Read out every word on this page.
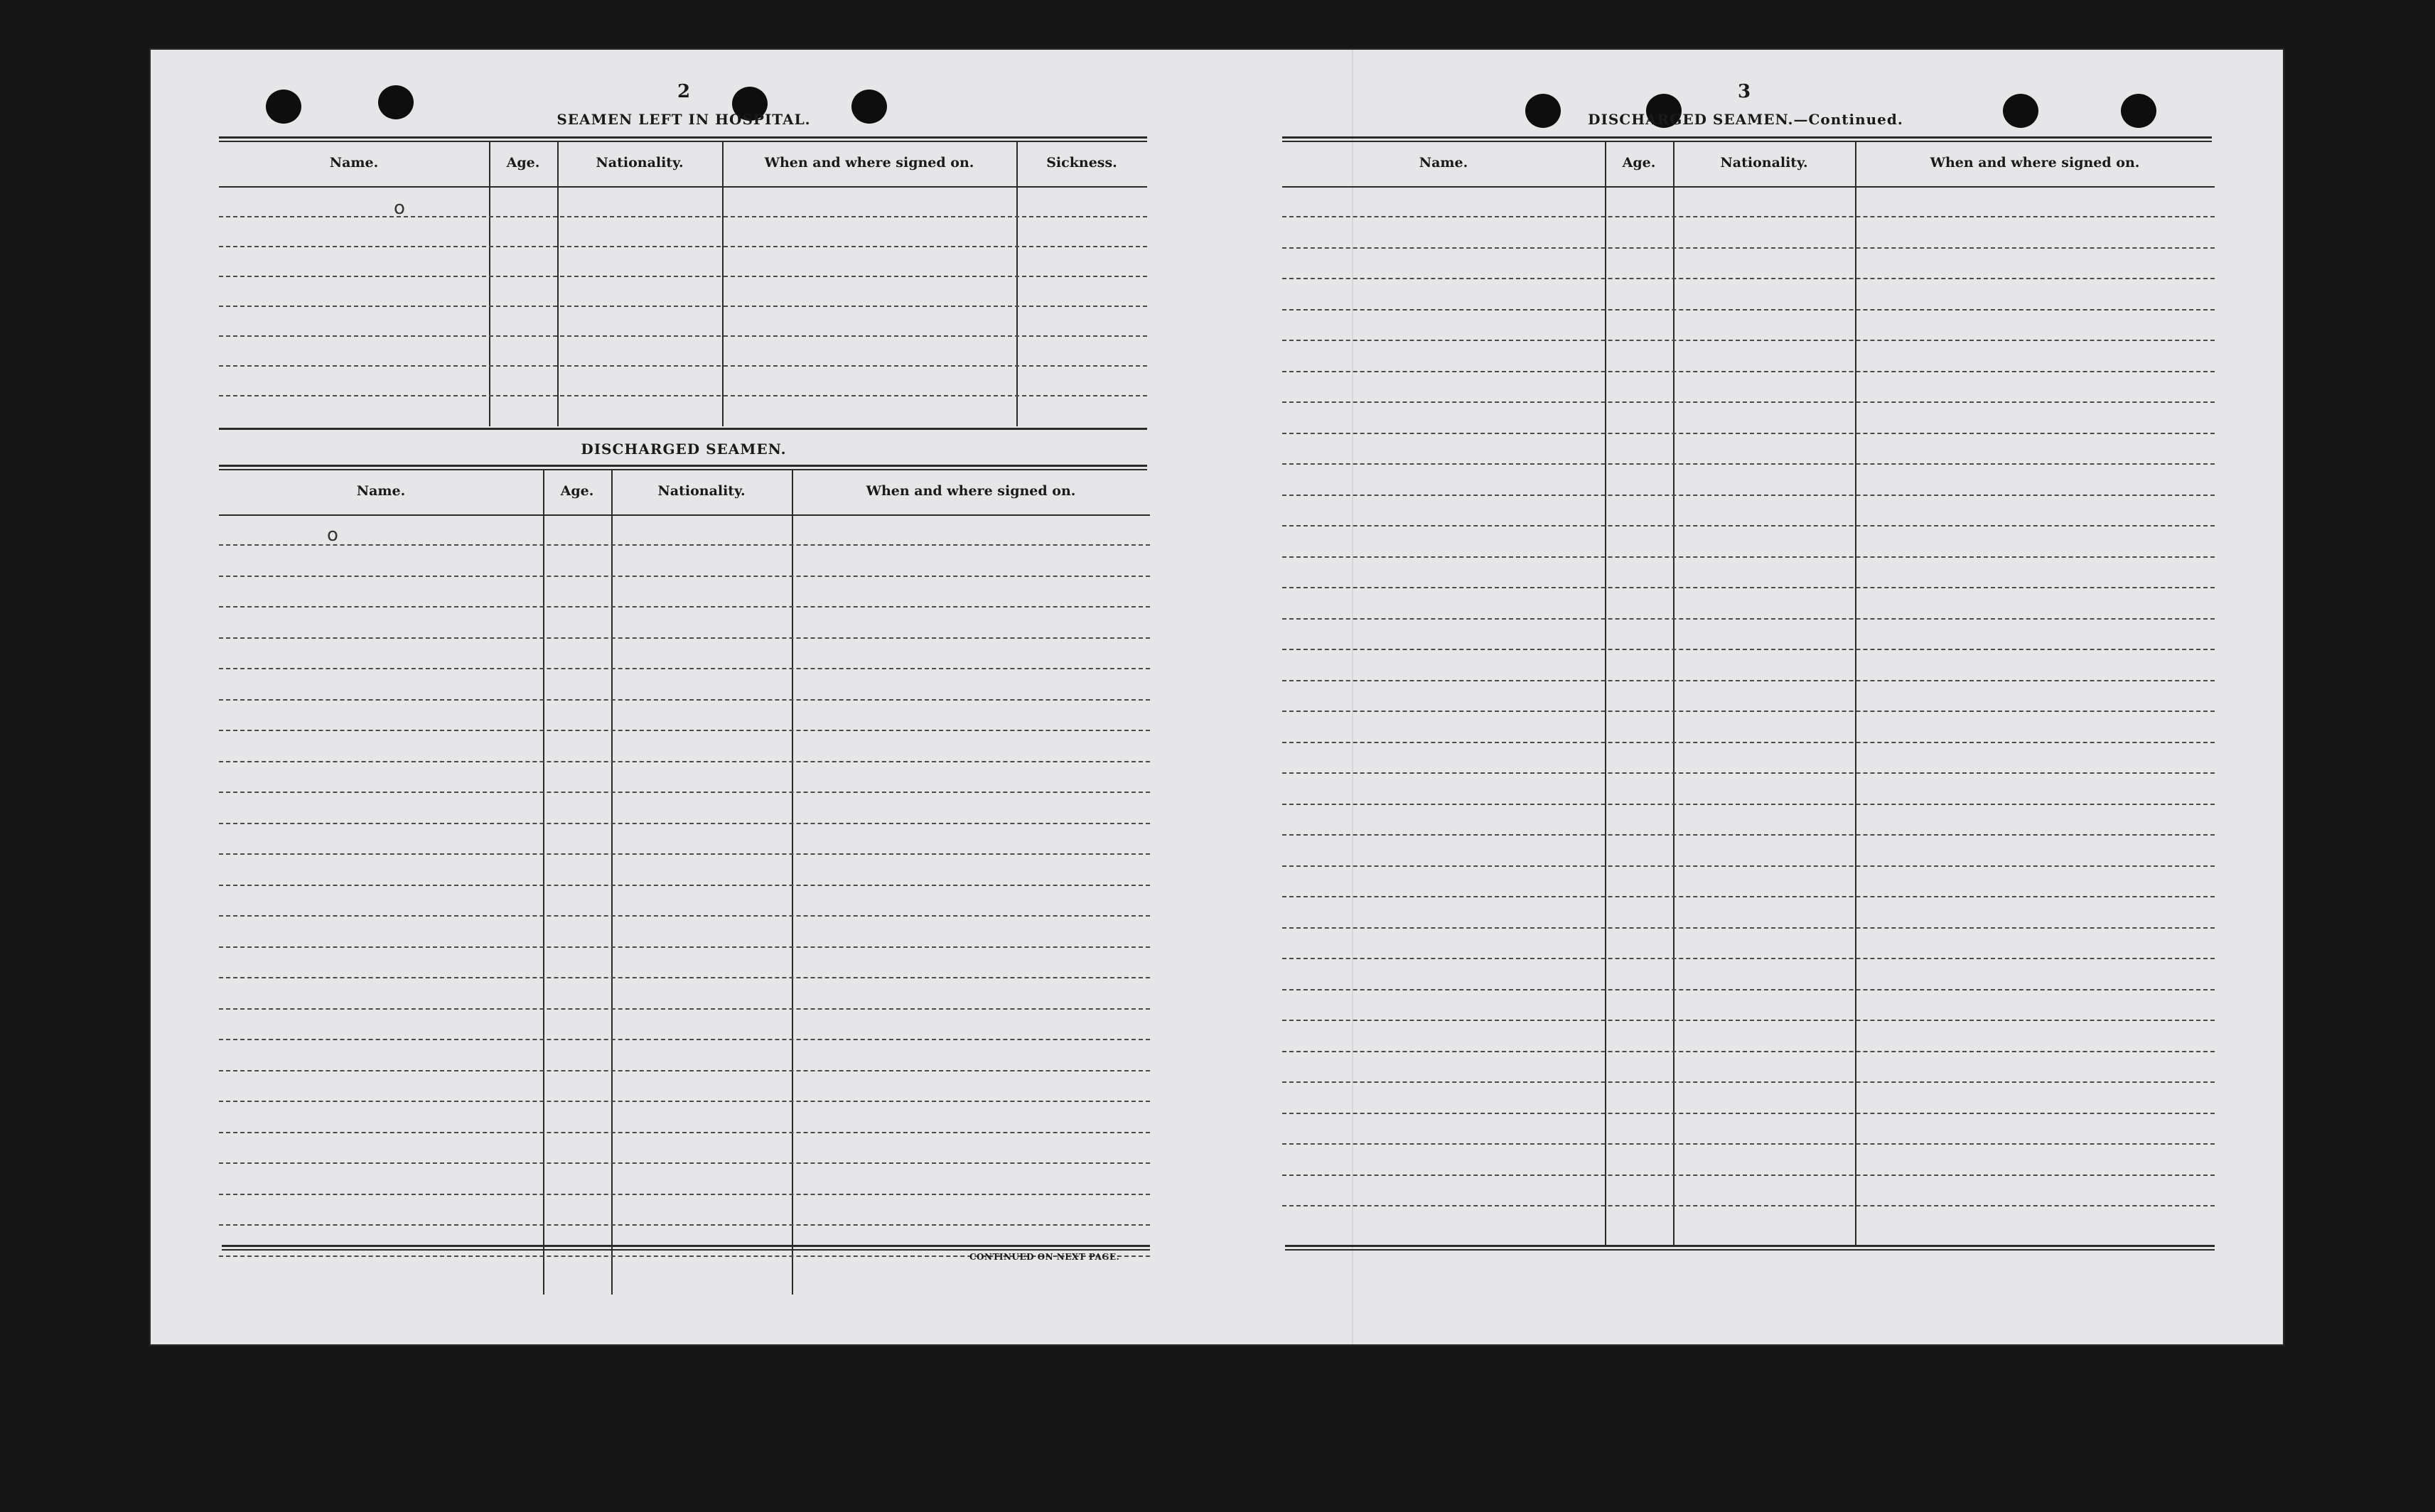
2
SEAMEN LEFT IN HOSPITAL.
Name.	Age.	Nationality.	When and where signed on.	Sickness.
o
DISCHARGED SEAMEN.
Name.	Age.	Nationality.	When and where signed on.
o
CONTINUED ON NEXT PAGE.
3
DISCHARGED SEAMEN.—Continued.
Name.	Age.	Nationality.	When and where signed on.
